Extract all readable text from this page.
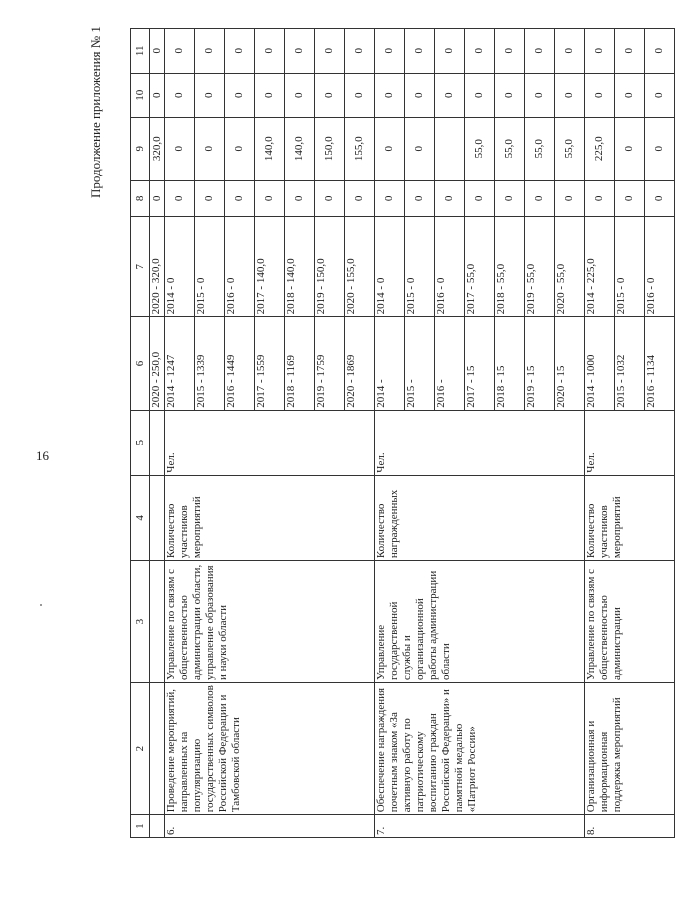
16
Продолжение приложения № 1
1	2	3	4	5	6	7	8	9	10	11
					2020 - 250,0	2020 - 320,0	0	320,0	0	0
6.	Проведение мероприятий, направленных на популяризацию государственных символов Российской Федерации и Тамбовской области	Управление по связям с общественностью администрации области, управление образования и науки области	Количество участников мероприятий	Чел.	2014 - 1247	2014 - 0	0	0	0	0
					2015 - 1339	2015 - 0	0	0	0	0
					2016 - 1449	2016 - 0	0	0	0	0
					2017 - 1559	2017 - 140,0	0	140,0	0	0
					2018 - 1169	2018 - 140,0	0	140,0	0	0
					2019 - 1759	2019 - 150,0	0	150,0	0	0
					2020 - 1869	2020 - 155,0	0	155,0	0	0
7.	Обеспечение награждения почетным знаком «За активную работу по патриотическому воспитанию граждан Российской Федерации» и памятной медалью «Патриот России»	Управление государственной службы и организационной работы администрации области	Количество награжденных	Чел.	2014 -	2014 - 0	0	0	0	0
					2015 -	2015 - 0	0	0	0	0
					2016 -	2016 - 0	0		0	0
					2017 - 15	2017 - 55,0	0	55,0	0	0
					2018 - 15	2018 - 55,0	0	55,0	0	0
					2019 - 15	2019 - 55,0	0	55,0	0	0
					2020 - 15	2020 - 55,0	0	55,0	0	0
8.	Организационная и информационная поддержка мероприятий	Управление по связям с общественностью администрации	Количество участников мероприятий	Чел.	2014 - 1000	2014 - 225,0	0	225,0	0	0
					2015 - 1032	2015 - 0	0	0	0	0
					2016 - 1134	2016 - 0	0	0	0	0
